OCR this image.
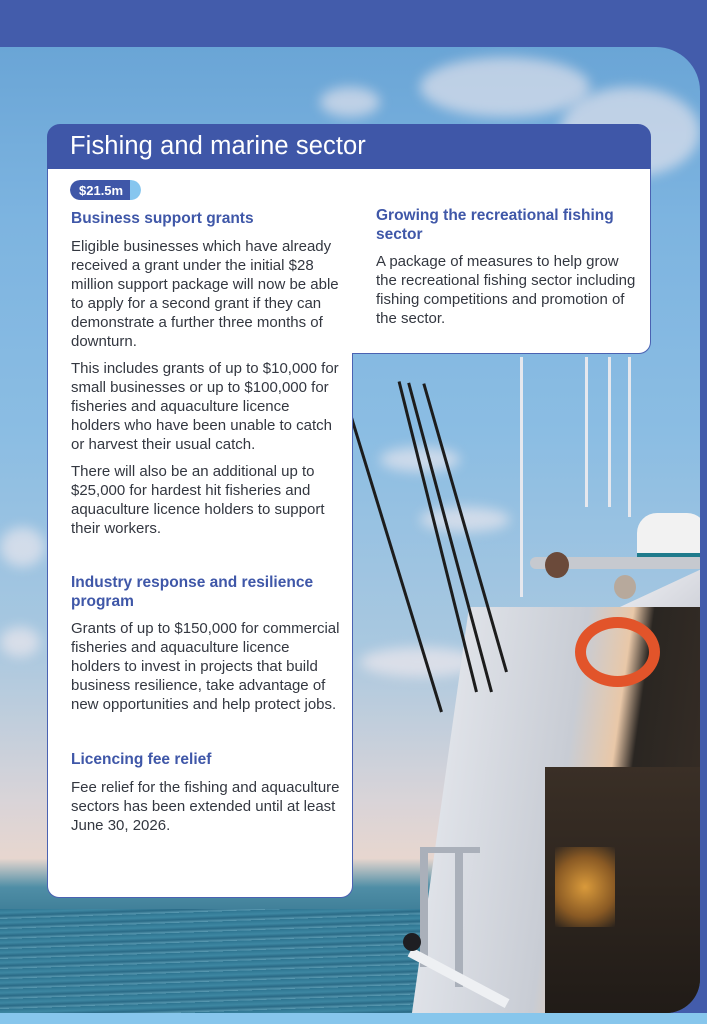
Fishing and marine sector
$21.5m
Business support grants

Eligible businesses which have already received a grant under the initial $28 million support package will now be able to apply for a second grant if they can demonstrate a further three months of downturn.

This includes grants of up to $10,000 for small businesses or up to $100,000 for fisheries and aquaculture licence holders who have been unable to catch or harvest their usual catch.

There will also be an additional up to $25,000 for hardest hit fisheries and aquaculture licence holders to support their workers.

Industry response and resilience program

Grants of up to $150,000 for commercial fisheries and aquaculture licence holders to invest in projects that build business resilience, take advantage of new opportunities and help protect jobs.

Licencing fee relief

Fee relief for the fishing and aquaculture sectors has been extended until at least June 30, 2026.

Growing the recreational fishing sector

A package of measures to help grow the recreational fishing sector including fishing competitions and promotion of the sector.
